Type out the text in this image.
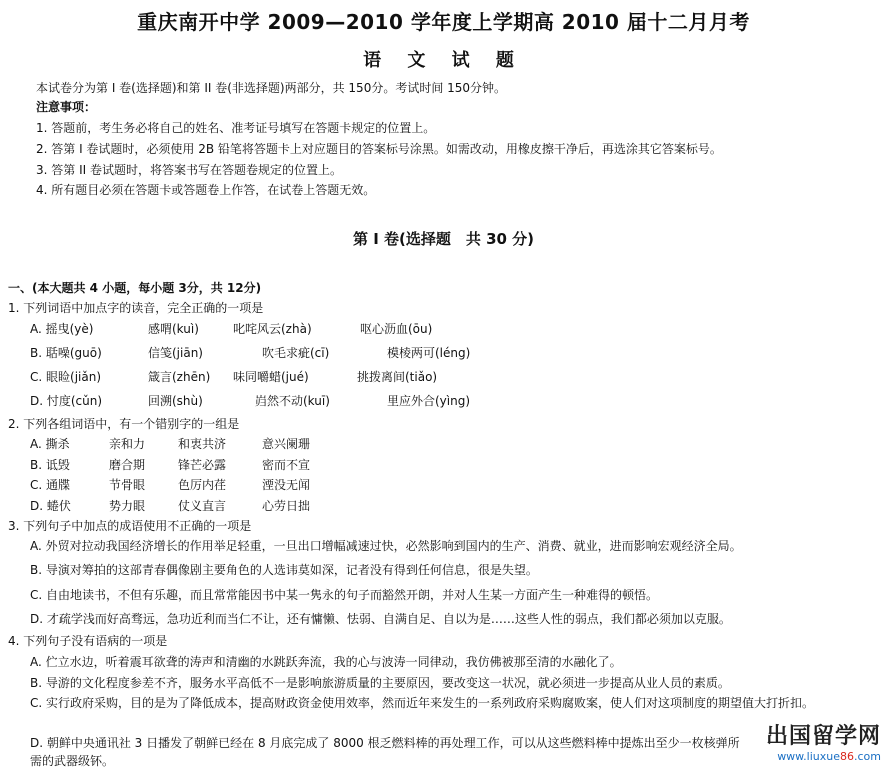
重庆南开中学 2009—2010 学年度上学期高 2010 届十二月月考
语 文 试 题
本试卷分为第 I 卷(选择题)和第 II 卷(非选择题)两部分，共 150分。考试时间 150分钟。
注意事项：
1. 答题前，考生务必将自己的姓名、准考证号填写在答题卡规定的位置上。
2. 答第 I 卷试题时，必须使用 2B 铅笔将答题卡上对应题目的答案标号涂黑。如需改动，用橡皮擦干净后，再选涂其它答案标号。
3. 答第 II 卷试题时，将答案书写在答题卷规定的位置上。
4. 所有题目必须在答题卡或答题卷上作答，在试卷上答题无效。
第 I 卷(选择题　共 30 分)
一、(本大题共 4 小题，每小题 3分，共 12分)
1. 下列词语中加点字的读音，完全正确的一项是
A. 摇曳(yè)	感喟(kuì)	叱咤风云(zhà)	呕心沥血(ōu)
B. 聒噪(guō)	信笺(jiān)	吹毛求疵(cī)	模棱两可(léng)
C. 眼睑(jiǎn)	箴言(zhēn) 味同嚼蜡(jué)	挑拨离间(tiǎo)
D. 忖度(cǔn)	回溯(shù)	岿然不动(kuī)	里应外合(yìng)
2. 下列各组词语中，有一个错别字的一组是
A. 撕杀	亲和力	和衷共济	意兴阑珊
B. 诋毁	磨合期	锋芒必露	密而不宣
C. 通牒	节骨眼	色厉内荏	湮没无闻
D. 蜷伏	势力眼	仗义直言	心劳日拙
3. 下列句子中加点的成语使用不正确的一项是
A. 外贸对拉动我国经济增长的作用举足轻重，一旦出口增幅减速过快，必然影响到国内的生产、消费、就业，进而影响宏观经济全局。
B. 导演对筹拍的这部青春偶像剧主要角色的人选讳莫如深，记者没有得到任何信息，很是失望。
C. 自由地读书，不但有乐趣，而且常常能因书中某一隽永的句子而豁然开朗，并对人生某一方面产生一种难得的顿悟。
D. 才疏学浅而好高骛远，急功近利而当仁不让，还有慵懒、怯弱、自满自足、自以为是……这些人性的弱点，我们都必须加以克服。
4. 下列句子没有语病的一项是
A. 伫立水边，听着震耳欲聋的涛声和清幽的水跳跃奔流，我的心与波涛一同律动，我仿佛被那至清的水融化了。
B. 导游的文化程度参差不齐，服务水平高低不一是影响旅游质量的主要原因，要改变这一状况，就必须进一步提高从业人员的素质。
C. 实行政府采购，目的是为了降低成本，提高财政资金使用效率，然而近年来发生的一系列政府采购腐败案，使人们对这项制度的期望值大打折扣。
D. 朝鲜中央通讯社 3 日播发了朝鲜已经在 8 月底完成了 8000 根乏燃料棒的再处理工作，可以从这些燃料棒中提炼出至少一枚核弹所需的武器级钚。
出国留学网
www.liuxue86.com
